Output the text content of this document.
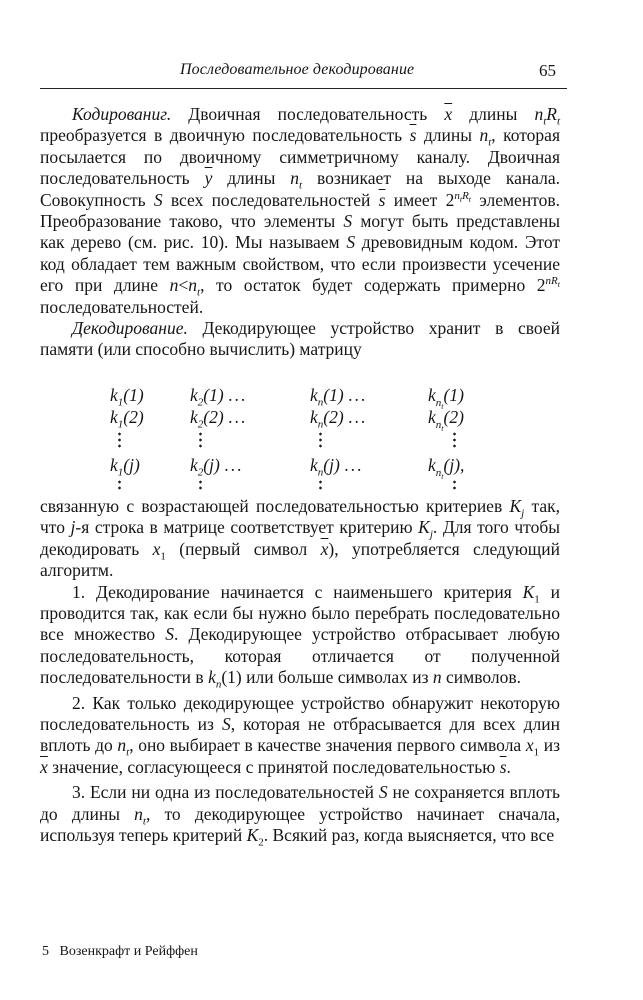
Последовательное декодирование	65

Кодированиг. Двоичная последовательность $\overline{x}$ длины $n_tR_t$ преобразуется в двоичную последовательность $\overline{s}$ длины $n_t$, которая посылается по двоичному симметричному каналу. Двоичная последовательность $\overline{y}$ длины $n_t$ возникает на выходе канала. Совокупность S всех последовательностей $\overline{s}$ имеет $2^{n_tR_t}$ элементов. Преобразование таково, что элементы S могут быть представлены как дерево (см. рис. 10). Мы называем S древовидным кодом. Этот код обладает тем важным свойством, что если произвести усечение его при длине $n<n_t$, то остаток будет содержать примерно $2^{nR_t}$ последовательностей.

Декодирование. Декодирующее устройство хранит в своей памяти (или способно вычислить) матрицу

$k_1(1)$	$k_2(1)$ ...	$k_n(1)$ ...	$k_{n_t}(1)$
$k_1(2)$	$k_2(2)$ ...	$k_n(2)$ ...	$k_{n_t}(2)$
$k_1(j)$	$k_2(j)$ ...	$k_n(j)$ ...	$k_{n_t}(j)$,

связанную с возрастающей последовательностью критериев $K_j$ так, что j-я строка в матрице соответствует критерию $K_j$. Для того чтобы декодировать $x_1$ (первый символ $\overline{x}$), употребляется следующий алгоритм.

1. Декодирование начинается с наименьшего критерия $K_1$ и проводится так, как если бы нужно было перебрать последовательно все множество S. Декодирующее устройство отбрасывает любую последовательность, которая отличается от полученной последовательности в $k_n(1)$ или больше символах из n символов.

2. Как только декодирующее устройство обнаружит некоторую последовательность из S, которая не отбрасывается для всех длин вплоть до $n_t$, оно выбирает в качестве значения первого символа $x_1$ из $\overline{x}$ значение, согласующееся с принятой последовательностью $\overline{s}$.

3. Если ни одна из последовательностей S не сохраняется вплоть до длины $n_t$, то декодирующее устройство начинает сначала, используя теперь критерий $K_2$. Всякий раз, когда выясняется, что все

5 Возенкрафт и Рейффен
